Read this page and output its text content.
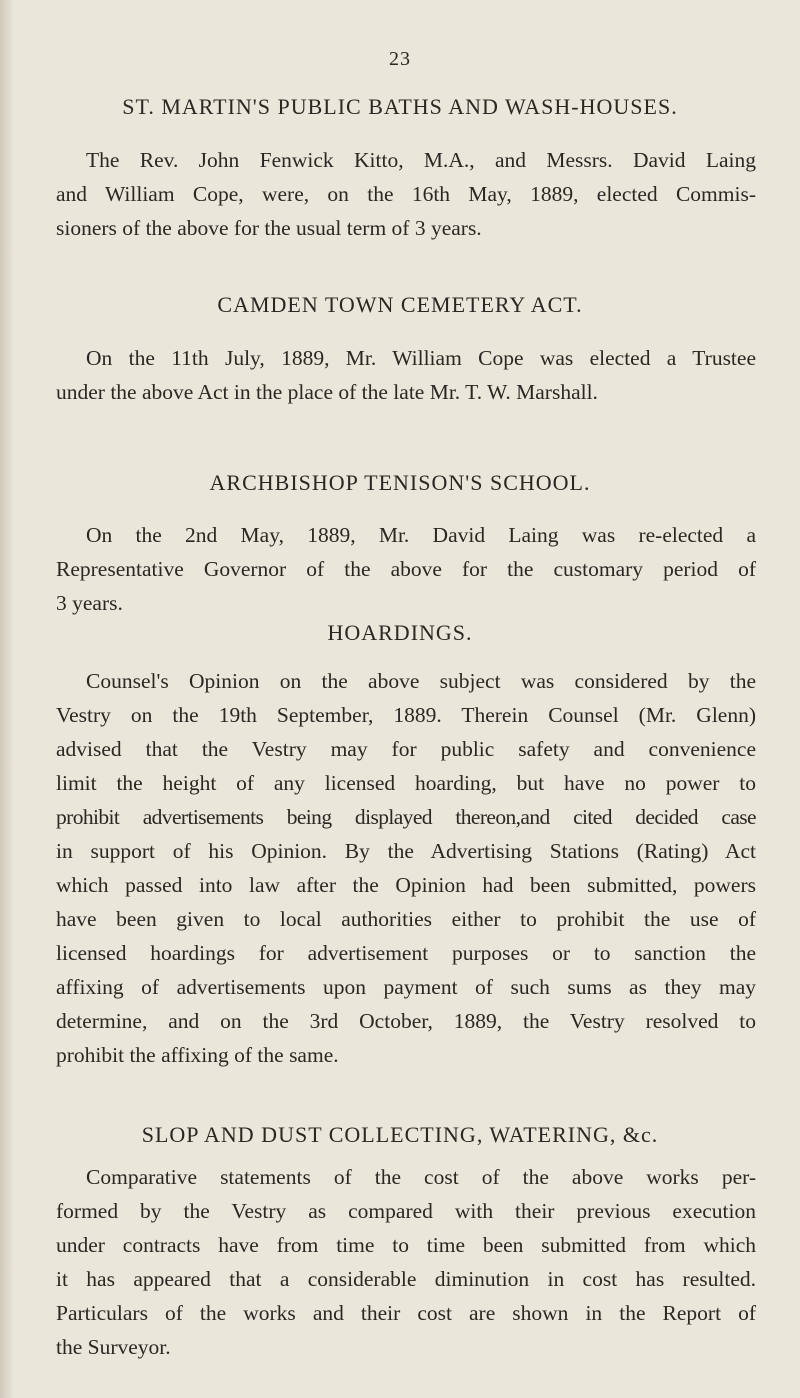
23
ST. MARTIN'S PUBLIC BATHS AND WASH-HOUSES.
The Rev. John Fenwick Kitto, M.A., and Messrs. David Laing
and William Cope, were, on the 16th May, 1889, elected Commis-
sioners of the above for the usual term of 3 years.
CAMDEN TOWN CEMETERY ACT.
On the 11th July, 1889, Mr. William Cope was elected a Trustee
under the above Act in the place of the late Mr. T. W. Marshall.
ARCHBISHOP TENISON'S SCHOOL.
On the 2nd May, 1889, Mr. David Laing was re-elected a
Representative Governor of the above for the customary period of
3 years.
HOARDINGS.
Counsel's Opinion on the above subject was considered by the
Vestry on the 19th September, 1889. Therein Counsel (Mr. Glenn)
advised that the Vestry may for public safety and convenience
limit the height of any licensed hoarding, but have no power to
prohibit advertisements being displayed thereon,and cited decided case
in support of his Opinion. By the Advertising Stations (Rating) Act
which passed into law after the Opinion had been submitted, powers
have been given to local authorities either to prohibit the use of
licensed hoardings for advertisement purposes or to sanction the
affixing of advertisements upon payment of such sums as they may
determine, and on the 3rd October, 1889, the Vestry resolved to
prohibit the affixing of the same.
SLOP AND DUST COLLECTING, WATERING, &c.
Comparative statements of the cost of the above works per-
formed by the Vestry as compared with their previous execution
under contracts have from time to time been submitted from which
it has appeared that a considerable diminution in cost has resulted.
Particulars of the works and their cost are shown in the Report of
the Surveyor.
